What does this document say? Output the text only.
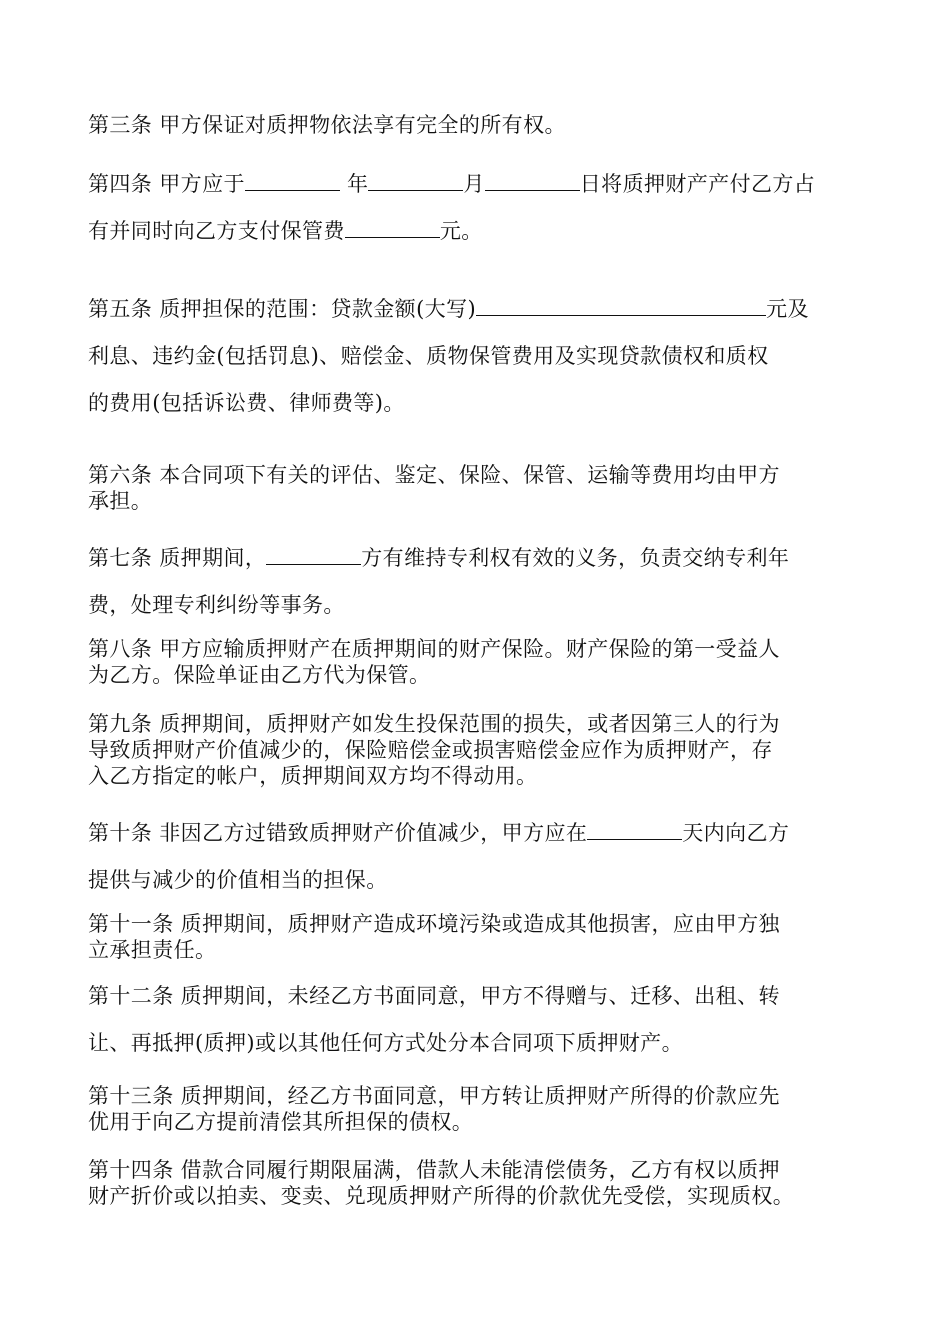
第三条 甲方保证对质押物依法享有完全的所有权。
第四条 甲方应于	年	月	日将质押财产产付乙方占
有并同时向乙方支付保管费	元。
第五条 质押担保的范围：贷款金额(大写)	元及
利息、违约金(包括罚息)、赔偿金、质物保管费用及实现贷款债权和质权
的费用(包括诉讼费、律师费等)。
第六条 本合同项下有关的评估、鉴定、保险、保管、运输等费用均由甲方
承担。
第七条 质押期间，	方有维持专利权有效的义务，负责交纳专利年
费，处理专利纠纷等事务。
第八条 甲方应输质押财产在质押期间的财产保险。财产保险的第一受益人
为乙方。保险单证由乙方代为保管。
第九条 质押期间，质押财产如发生投保范围的损失，或者因第三人的行为
导致质押财产价值减少的，保险赔偿金或损害赔偿金应作为质押财产，存
入乙方指定的帐户，质押期间双方均不得动用。
第十条 非因乙方过错致质押财产价值减少，甲方应在	天内向乙方
提供与减少的价值相当的担保。
第十一条 质押期间，质押财产造成环境污染或造成其他损害，应由甲方独
立承担责任。
第十二条 质押期间，未经乙方书面同意，甲方不得赠与、迁移、出租、转
让、再抵押(质押)或以其他任何方式处分本合同项下质押财产。
第十三条 质押期间，经乙方书面同意，甲方转让质押财产所得的价款应先
优用于向乙方提前清偿其所担保的债权。
第十四条 借款合同履行期限届满，借款人未能清偿债务，乙方有权以质押
财产折价或以拍卖、变卖、兑现质押财产所得的价款优先受偿，实现质权。
